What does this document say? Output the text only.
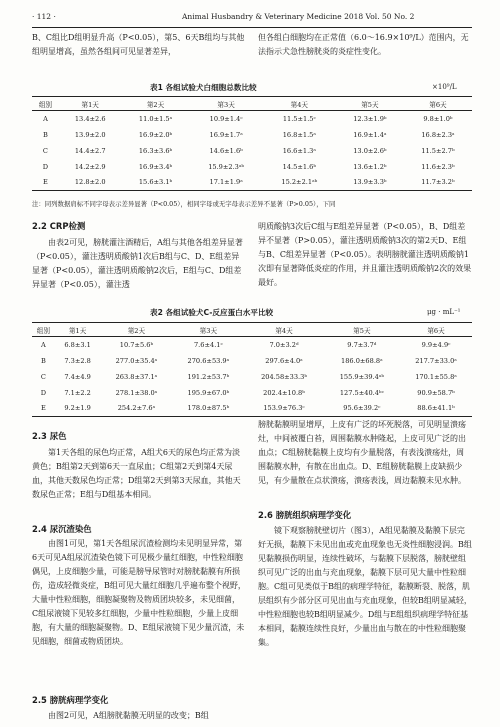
· 112 ·	Animal Husbandry & Veterinary Medicine 2018 Vol. 50 No. 2
B、C组比D组明显升高（P<0.05），第5、6天B组均与其他组明显增高，虽然各组间可见显著差异，
但各组白细胞均在正常值（6.0～16.9×10⁹/L）范围内，无法指示犬急性膀胱炎的炎症性变化。
表1 各组试验犬白细胞总数比较	×10⁹/L
组别	第1天	第2天	第3天	第4天	第5天	第6天
A	13.4±2.6	11.0±1.5ᵃ	10.9±1.4ᶜ	11.5±1.5ᶜ	12.3±1.9ᵇ	9.8±1.0ᵇ
B	13.9±2.0	16.9±2.0ᵇ	16.9±1.7ᵃ	16.8±1.5ᵃ	16.9±1.4ᵃ	16.8±2.3ᵃ
C	14.4±2.7	16.3±3.6ᵇ	14.6±1.6ᵇ	16.6±1.3ᵃ	13.0±2.6ᵇ	11.5±2.7ᵇ
D	14.2±2.9	16.9±3.4ᵇ	15.9±2.3ᵃᵇ	14.5±1.6ᵇ	13.6±1.2ᵇ	11.6±2.3ᵇ
E	12.8±2.0	15.6±3.1ᵇ	17.1±1.9ᵃ	15.2±2.1ᵃᵇ	13.9±3.3ᵇ	11.7±3.2ᵇ
注：同列数据肩标不同字母表示差异显著（P<0.05），相同字母或无字母表示差异不显著（P>0.05），下同
2.2 CRP检测
由表2可见，膀胱灌注酒精后，A组与其他各组差异显著（P<0.05），灌注透明质酸钠1次后B组与C、D、E组差异显著（P<0.05），灌注透明质酸钠2次后，E组与C、D组差异显著（P<0.05），灌注透
明质酸钠3次后C组与E组差异显著（P<0.05），B、D组差异不显著（P>0.05），灌注透明质酸钠3次的第2天D、E组与B、C组差异显著（P<0.05）。表明膀胱灌注透明质酸钠1次即有显著降低炎症的作用，并且灌注透明质酸钠2次的效果最好。
表2 各组试验犬C-反应蛋白水平比较	μg · mL⁻¹
组别	第1天	第2天	第3天	第4天	第5天	第6天
A	6.8±3.1	10.7±5.6ᵇ	7.6±4.1ᶜ	7.0±3.2ᵈ	9.7±3.7ᵈ	9.9±4.9ᶜ
B	7.3±2.8	277.0±35.4ᵃ	270.6±53.9ᵃ	297.6±4.0ᵃ	186.0±68.8ᵃ	217.7±33.0ᵃ
C	7.4±4.9	263.8±37.1ᵃ	191.2±53.7ᵇ	204.58±33.3ᵇ	155.9±39.4ᵃᵇ	170.1±55.8ᵃ
D	7.1±2.2	278.1±38.0ᵃ	195.9±67.0ᵇ	202.4±10.8ᵇ	127.5±40.4ᵇᶜ	90.9±58.7ᵇ
E	9.2±1.9	254.2±7.6ᵃ	178.0±87.5ᵇ	153.9±76.3ᶜ	95.6±39.2ᶜ	88.6±41.1ᵇ
2.3 尿色
第1天各组的尿色均正常，A组犬6天的尿色均正常为淡黄色；B组第2天到第6天一直尿血；C组第2天到第4天尿血，其他天数尿色均正常；D组第2天到第3天尿血，其他天数尿色正常；E组与D组基本相同。
2.4 尿沉渣染色
由图1可见，第1天各组尿沉渣检测均未见明显异常，第6天可见A组尿沉渣染色镜下可见极少量红细胞，中性粒细胞偶见，上皮细胞少量，可能是膀导尿管时对膀胱黏膜有所损伤，造成轻微炎症，B组可见大量红细胞几乎遍布整个视野，大量中性粒细胞，细胞凝聚物及物质团块较多，未见细菌，C组尿液镜下见较多红细胞，少量中性粒细胞，少量上皮细胞，有大量的细胞凝聚物。D、E组尿液镜下见少量沉渣，未见细胞，细菌或物质团块。
2.5 膀胱病理学变化
由图2可见，A组膀胱黏膜无明显的改变；B组
膀胱黏膜明显增厚，上皮有广泛的坏死脱落，可见明显溃疡灶，中间被覆白苔，周围黏膜水肿隆起，上皮可见广泛的出血点；C组膀胱黏膜上皮均有少量脱落，有表浅溃疡灶，周围黏膜水肿，有散在出血点。D、E组膀胱黏膜上皮缺损少见，有少量散在点状溃疡，溃疡表浅，周边黏膜未见水肿。
2.6 膀胱组织病理学变化
镜下观察膀胱壁切片（图3），A组见黏膜及黏膜下层完好无损，黏膜下未见出血或充血现象也无炎性细胞浸润。B组见黏膜损伤明显，连续性破坏，与黏膜下层脱落，膀胱壁组织可见广泛的出血与充血现象，黏膜下层可见大量中性粒细胞。C组可见类似于B组的病理学特征，黏膜断裂、脱落，肌层组织有少部分区可见出血与充血现象，但较B组明显减轻，中性粒细胞也较B组明显减少。D组与E组组织病理学特征基本相同，黏膜连续性良好，少量出血与散在的中性粒细胞聚集。
